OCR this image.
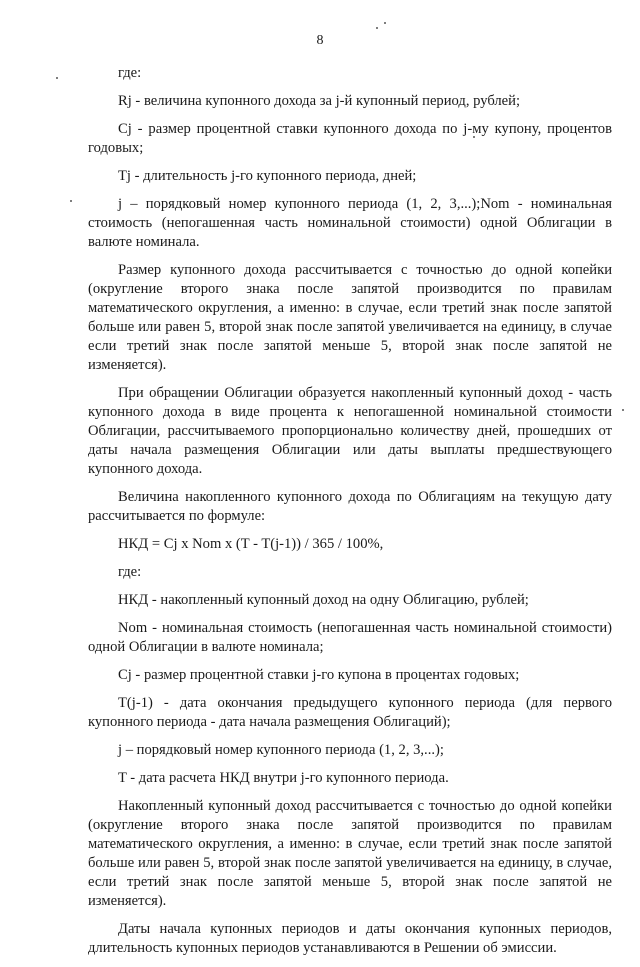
8

где:

Rj - величина купонного дохода за j-й купонный период, рублей;

Cj - размер процентной ставки купонного дохода по j-му купону, процентов годовых;

Tj - длительность j-го купонного периода, дней;

j – порядковый номер купонного периода (1, 2, 3,...);Nom - номинальная стоимость (непогашенная часть номинальной стоимости) одной Облигации в валюте номинала.

Размер купонного дохода рассчитывается с точностью до одной копейки (округление второго знака после запятой производится по правилам математического округления, а именно: в случае, если третий знак после запятой больше или равен 5, второй знак после запятой увеличивается на единицу, в случае если третий знак после запятой меньше 5, второй знак после запятой не изменяется).

При обращении Облигации образуется накопленный купонный доход - часть купонного дохода в виде процента к непогашенной номинальной стоимости Облигации, рассчитываемого пропорционально количеству дней, прошедших от даты начала размещения Облигации или даты выплаты предшествующего купонного дохода.

Величина накопленного купонного дохода по Облигациям на текущую дату рассчитывается по формуле:

НКД = Cj x Nom x (T - T(j-1)) / 365 / 100%,

где:

НКД - накопленный купонный доход на одну Облигацию, рублей;

Nom - номинальная стоимость (непогашенная часть номинальной стоимости) одной Облигации в валюте номинала;

Cj - размер процентной ставки j-го купона в процентах годовых;

T(j-1) - дата окончания предыдущего купонного периода (для первого купонного периода - дата начала размещения Облигаций);

j – порядковый номер купонного периода (1, 2, 3,...);

T - дата расчета НКД внутри j-го купонного периода.

Накопленный купонный доход рассчитывается с точностью до одной копейки (округление второго знака после запятой производится по правилам математического округления, а именно: в случае, если третий знак после запятой больше или равен 5, второй знак после запятой увеличивается на единицу, в случае, если третий знак после запятой меньше 5, второй знак после запятой не изменяется).

Даты начала купонных периодов и даты окончания купонных периодов, длительность купонных периодов устанавливаются в Решении об эмиссии.
